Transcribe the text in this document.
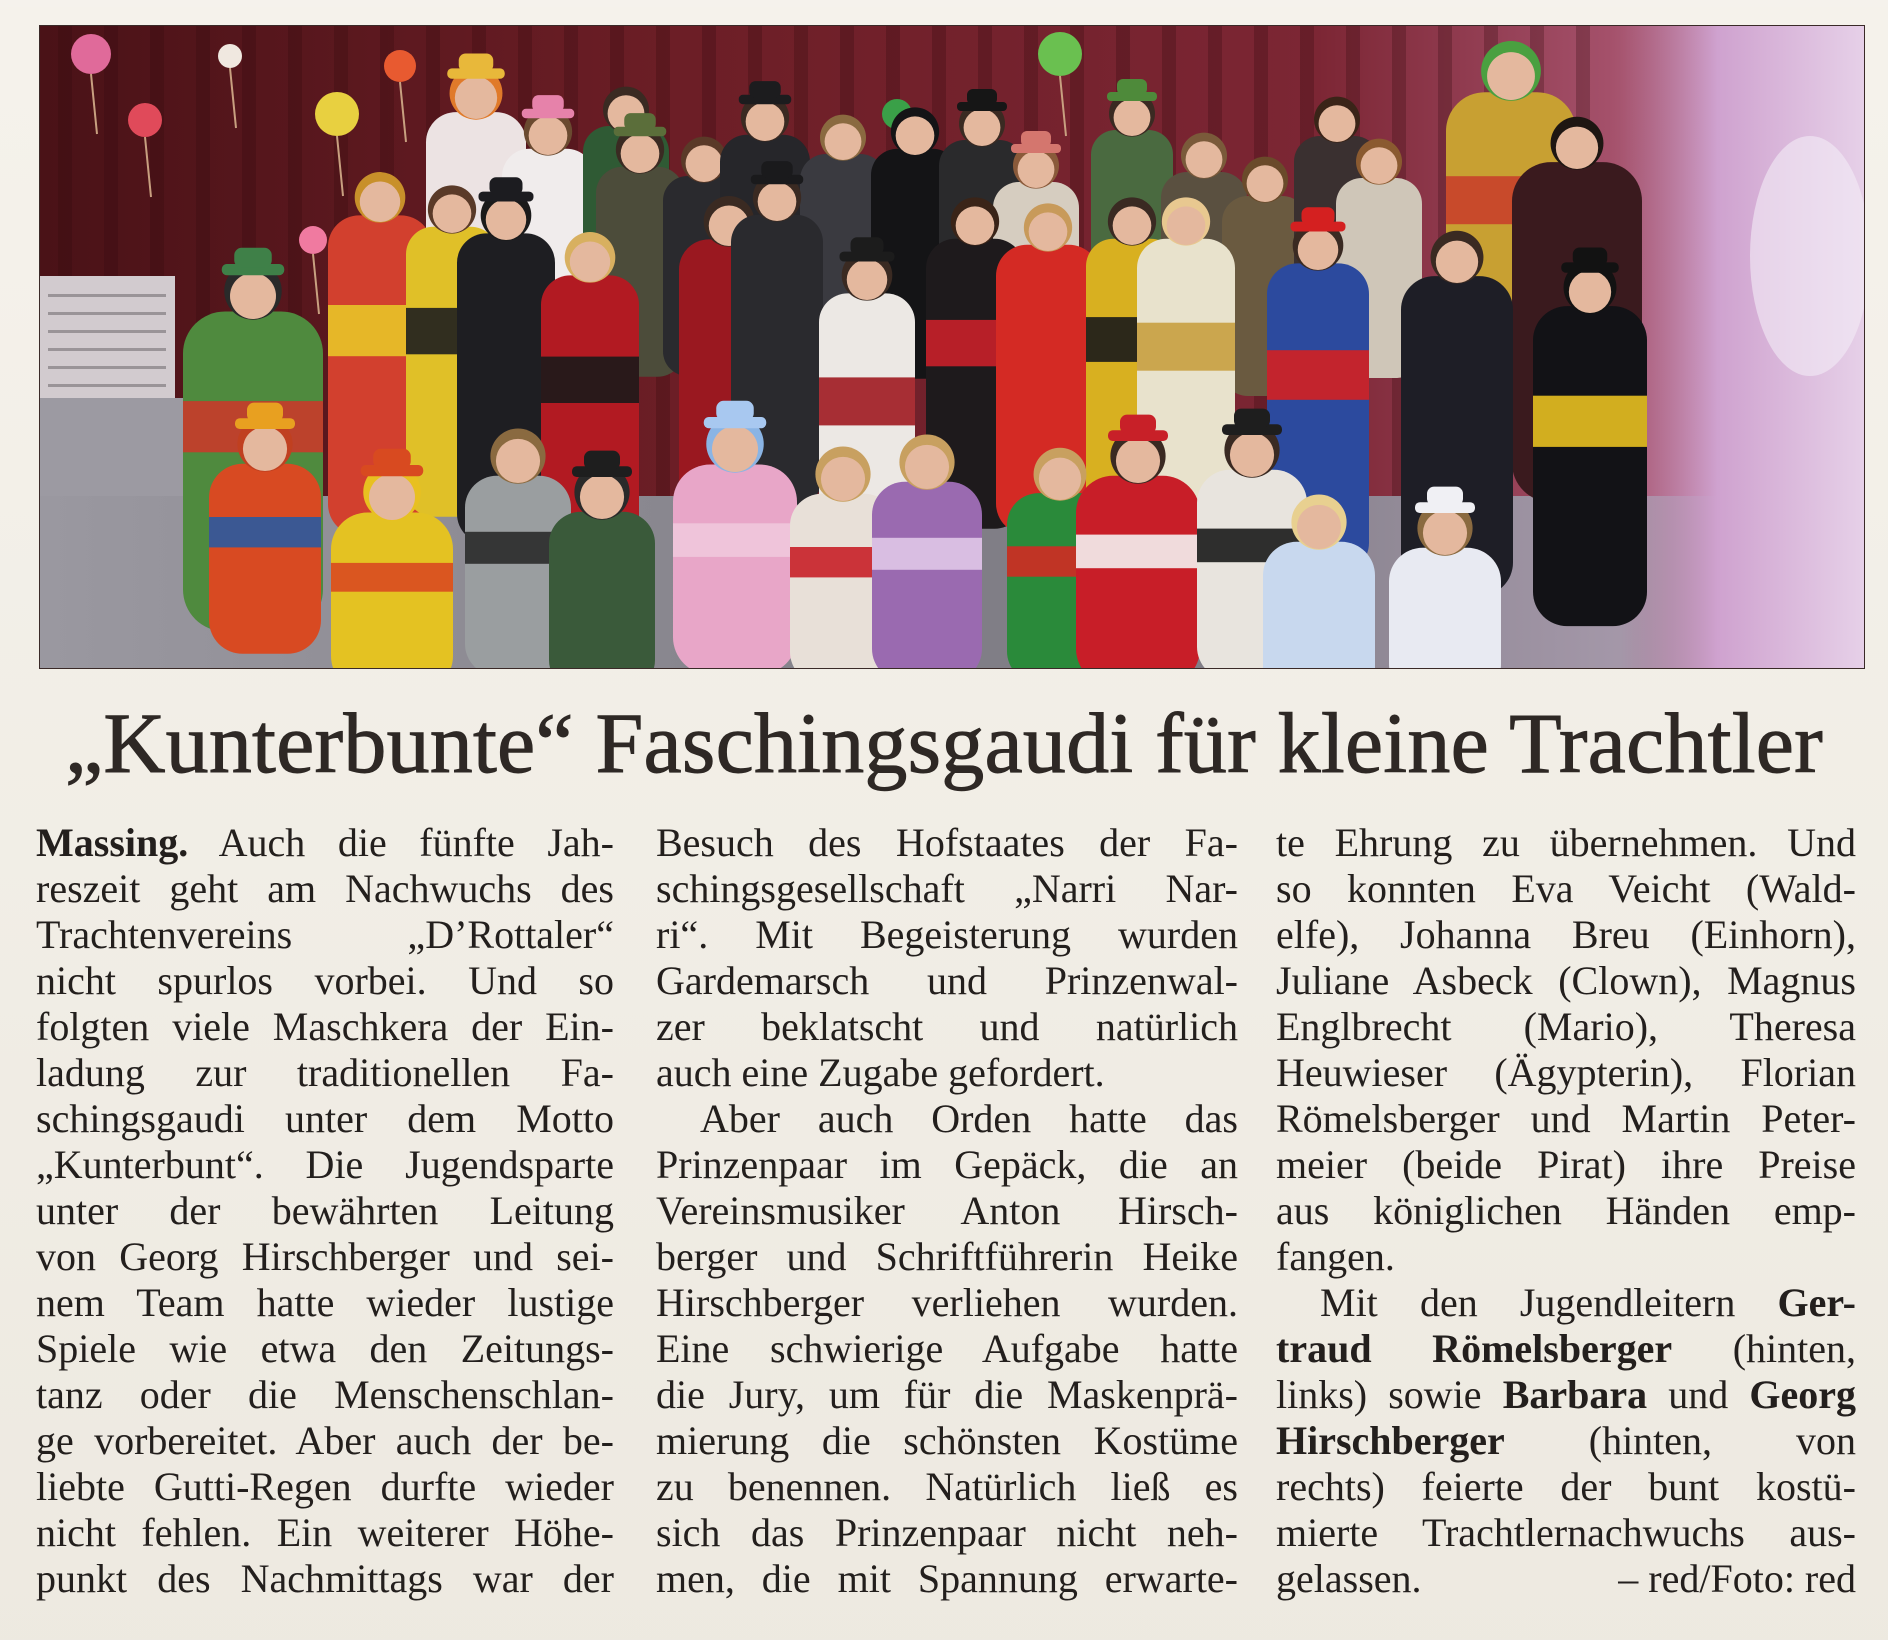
„Kunterbunte“ Faschingsgaudi für kleine Trachtler
Massing. Auch die fünfte Jah-
reszeit geht am Nachwuchs des
Trachtenvereins „D’Rottaler“
nicht spurlos vorbei. Und so
folgten viele Maschkera der Ein-
ladung zur traditionellen Fa-
schingsgaudi unter dem Motto
„Kunterbunt“. Die Jugendsparte
unter der bewährten Leitung
von Georg Hirschberger und sei-
nem Team hatte wieder lustige
Spiele wie etwa den Zeitungs-
tanz oder die Menschenschlan-
ge vorbereitet. Aber auch der be-
liebte Gutti-Regen durfte wieder
nicht fehlen. Ein weiterer Höhe-
punkt des Nachmittags war der
Besuch des Hofstaates der Fa-
schingsgesellschaft „Narri Nar-
ri“. Mit Begeisterung wurden
Gardemarsch und Prinzenwal-
zer beklatscht und natürlich
auch eine Zugabe gefordert.
Aber auch Orden hatte das
Prinzenpaar im Gepäck, die an
Vereinsmusiker Anton Hirsch-
berger und Schriftführerin Heike
Hirschberger verliehen wurden.
Eine schwierige Aufgabe hatte
die Jury, um für die Maskenprä-
mierung die schönsten Kostüme
zu benennen. Natürlich ließ es
sich das Prinzenpaar nicht neh-
men, die mit Spannung erwarte-
te Ehrung zu übernehmen. Und
so konnten Eva Veicht (Wald-
elfe), Johanna Breu (Einhorn),
Juliane Asbeck (Clown), Magnus
Englbrecht (Mario), Theresa
Heuwieser (Ägypterin), Florian
Römelsberger und Martin Peter-
meier (beide Pirat) ihre Preise
aus königlichen Händen emp-
fangen.
Mit den Jugendleitern Ger-
traud Römelsberger (hinten,
links) sowie Barbara und Georg
Hirschberger (hinten, von
rechts) feierte der bunt kostü-
mierte Trachtlernachwuchs aus-
gelassen.	– red/Foto: red
